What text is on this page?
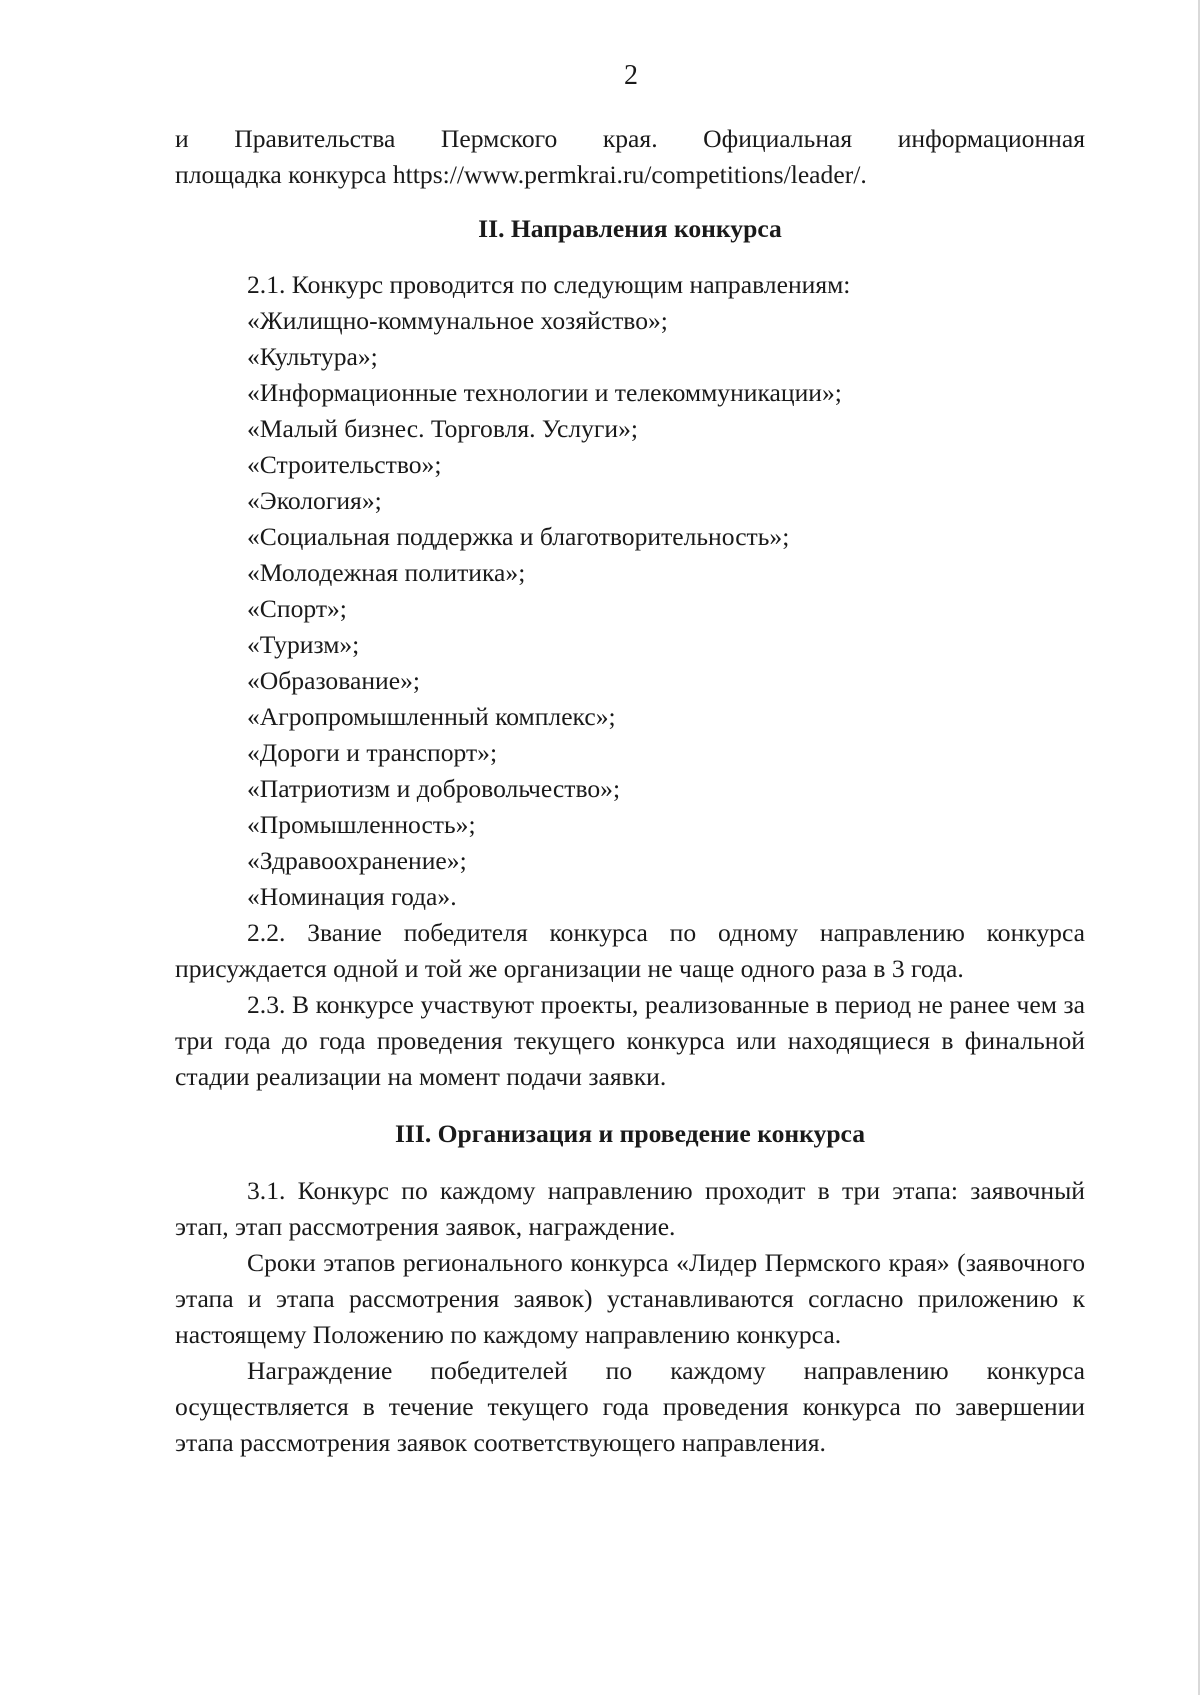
2

и Правительства Пермского края. Официальная информационная

площадка конкурса https://www.permkrai.ru/competitions/leader/.

II. Направления конкурса

2.1. Конкурс проводится по следующим направлениям:

«Жилищно-коммунальное хозяйство»;
«Культура»;
«Информационные технологии и телекоммуникации»;
«Малый бизнес. Торговля. Услуги»;
«Строительство»;
«Экология»;
«Социальная поддержка и благотворительность»;
«Молодежная политика»;
«Спорт»;
«Туризм»;
«Образование»;
«Агропромышленный комплекс»;
«Дороги и транспорт»;
«Патриотизм и добровольчество»;
«Промышленность»;
«Здравоохранение»;
«Номинация года».

2.2. Звание победителя конкурса по одному направлению конкурса присуждается одной и той же организации не чаще одного раза в 3 года.

2.3. В конкурсе участвуют проекты, реализованные в период не ранее чем за три года до года проведения текущего конкурса или находящиеся в финальной стадии реализации на момент подачи заявки.

III. Организация и проведение конкурса

3.1. Конкурс по каждому направлению проходит в три этапа: заявочный этап, этап рассмотрения заявок, награждение.

Сроки этапов регионального конкурса «Лидер Пермского края» (заявочного этапа и этапа рассмотрения заявок) устанавливаются согласно приложению к настоящему Положению по каждому направлению конкурса.

Награждение победителей по каждому направлению конкурса осуществляется в течение текущего года проведения конкурса по завершении этапа рассмотрения заявок соответствующего направления.
